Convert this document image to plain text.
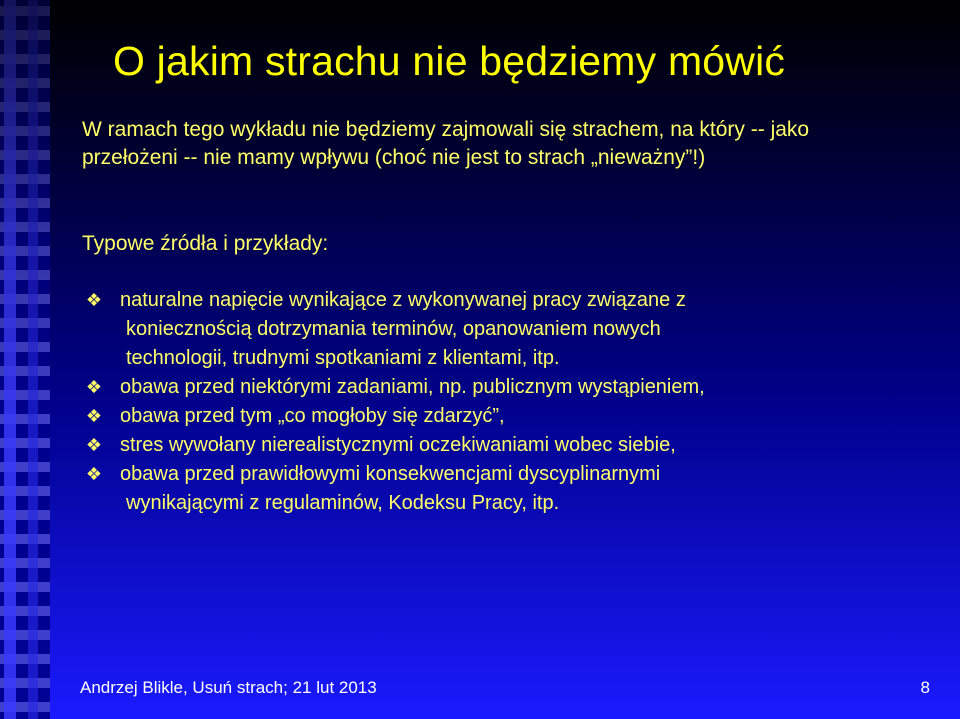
O jakim strachu nie będziemy mówić

W ramach tego wykładu nie będziemy zajmowali się strachem, na który -- jako przełożeni -- nie mamy wpływu (choć nie jest to strach „nieważny”!)

Typowe źródła i przykłady:

❖ naturalne napięcie wynikające z wykonywanej pracy związane z
koniecznością dotrzymania terminów, opanowaniem nowych
technologii, trudnymi spotkaniami z klientami, itp.
❖ obawa przed niektórymi zadaniami, np. publicznym wystąpieniem,
❖ obawa przed tym „co mogłoby się zdarzyć”,
❖ stres wywołany nierealistycznymi oczekiwaniami wobec siebie,
❖ obawa przed prawidłowymi konsekwencjami dyscyplinarnymi
wynikającymi z regulaminów, Kodeksu Pracy, itp.
Andrzej Blikle, Usuń strach; 21 lut 2013	8
